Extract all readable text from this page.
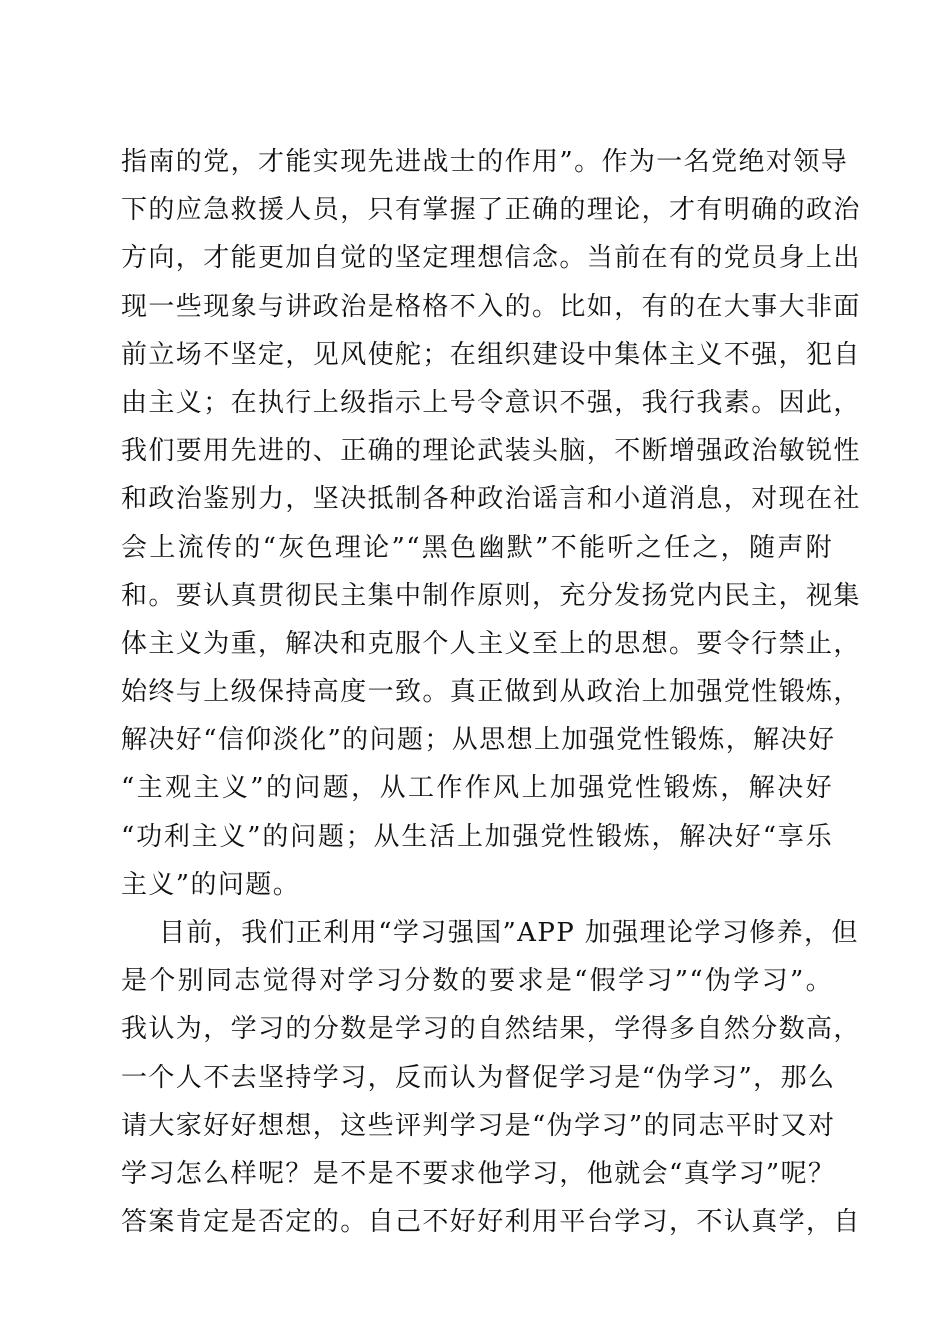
指南的党，才能实现先进战士的作用”。作为一名党绝对领导
下的应急救援人员，只有掌握了正确的理论，才有明确的政治
方向，才能更加自觉的坚定理想信念。当前在有的党员身上出
现一些现象与讲政治是格格不入的。比如，有的在大事大非面
前立场不坚定，见风使舵；在组织建设中集体主义不强，犯自
由主义；在执行上级指示上号令意识不强，我行我素。因此，
我们要用先进的、正确的理论武装头脑，不断增强政治敏锐性
和政治鉴别力，坚决抵制各种政治谣言和小道消息，对现在社
会上流传的“灰色理论”“黑色幽默”不能听之任之，随声附
和。要认真贯彻民主集中制作原则，充分发扬党内民主，视集
体主义为重，解决和克服个人主义至上的思想。要令行禁止，
始终与上级保持高度一致。真正做到从政治上加强党性锻炼，
解决好“信仰淡化”的问题；从思想上加强党性锻炼，解决好
“主观主义”的问题，从工作作风上加强党性锻炼，解决好
“功利主义”的问题；从生活上加强党性锻炼，解决好“享乐
主义”的问题。
目前，我们正利用“学习强国”APP 加强理论学习修养，但
是个别同志觉得对学习分数的要求是“假学习”“伪学习”。
我认为，学习的分数是学习的自然结果，学得多自然分数高，
一个人不去坚持学习，反而认为督促学习是“伪学习”，那么
请大家好好想想，这些评判学习是“伪学习”的同志平时又对
学习怎么样呢？是不是不要求他学习，他就会“真学习”呢？
答案肯定是否定的。自己不好好利用平台学习，不认真学，自
